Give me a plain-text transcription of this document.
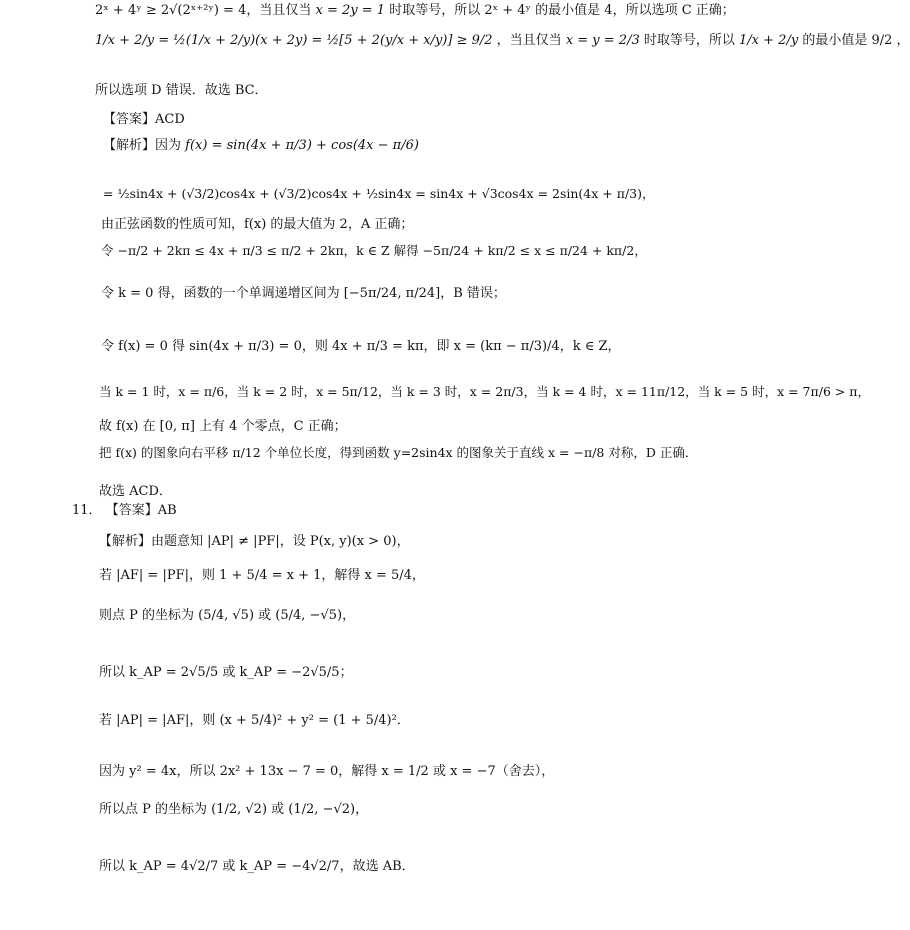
2ˣ + 4ʸ ≥ 2√(2ˣ⁺²ʸ) = 4，当且仅当 x = 2y = 1 时取等号，所以 2ˣ + 4ʸ 的最小值是 4，所以选项 C 正确；
1/x + 2/y = ½(1/x + 2/y)(x + 2y) = ½[5 + 2(y/x + x/y)] ≥ 9/2 ，当且仅当 x = y = 2/3 时取等号，所以 1/x + 2/y 的最小值是 9/2 ，
所以选项 D 错误．故选 BC．
【答案】ACD
【解析】因为 f(x) = sin(4x + π/3) + cos(4x − π/6)
= ½sin4x + (√3/2)cos4x + (√3/2)cos4x + ½sin4x = sin4x + √3cos4x = 2sin(4x + π/3)，
由正弦函数的性质可知，f(x) 的最大值为 2，A 正确；
令 −π/2 + 2kπ ≤ 4x + π/3 ≤ π/2 + 2kπ，k ∈ Z 解得 −5π/24 + kπ/2 ≤ x ≤ π/24 + kπ/2，
令 k = 0 得，函数的一个单调递增区间为 [−5π/24, π/24]，B 错误；
令 f(x) = 0 得 sin(4x + π/3) = 0，则 4x + π/3 = kπ，即 x = (kπ − π/3)/4，k ∈ Z，
当 k = 1 时，x = π/6，当 k = 2 时，x = 5π/12，当 k = 3 时，x = 2π/3，当 k = 4 时，x = 11π/12，当 k = 5 时，x = 7π/6 > π，
故 f(x) 在 [0, π] 上有 4 个零点，C 正确；
把 f(x) 的图象向右平移 π/12 个单位长度，得到函数 y=2sin4x 的图象关于直线 x = −π/8 对称，D 正确．
故选 ACD．
11． 【答案】AB
【解析】由题意知 |AP| ≠ |PF|，设 P(x, y)(x > 0)，
若 |AF| = |PF|，则 1 + 5/4 = x + 1，解得 x = 5/4，
则点 P 的坐标为 (5/4, √5) 或 (5/4, −√5)，
所以 k_AP = 2√5/5 或 k_AP = −2√5/5；
若 |AP| = |AF|，则 (x + 5/4)² + y² = (1 + 5/4)²．
因为 y² = 4x，所以 2x² + 13x − 7 = 0，解得 x = 1/2 或 x = −7（舍去），
所以点 P 的坐标为 (1/2, √2) 或 (1/2, −√2)，
所以 k_AP = 4√2/7 或 k_AP = −4√2/7，故选 AB．
